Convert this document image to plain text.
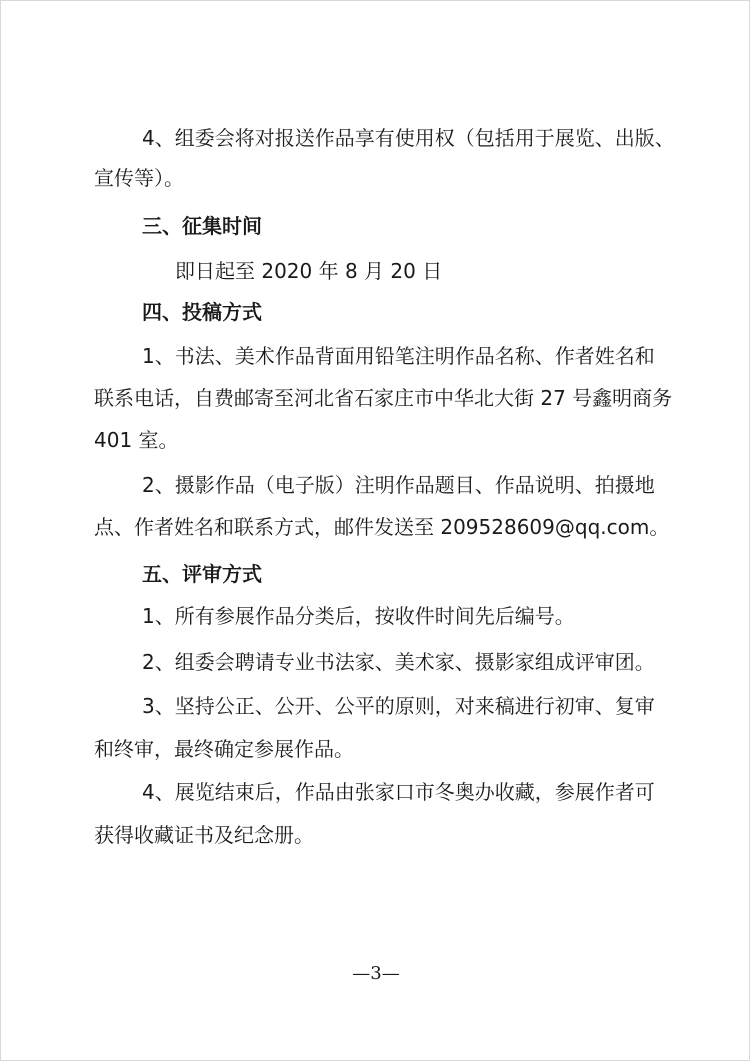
4、组委会将对报送作品享有使用权（包括用于展览、出版、
宣传等）。
三、征集时间
即日起至 2020 年 8 月 20 日
四、投稿方式
1、书法、美术作品背面用铅笔注明作品名称、作者姓名和
联系电话，自费邮寄至河北省石家庄市中华北大街 27 号鑫明商务
401 室。
2、摄影作品（电子版）注明作品题目、作品说明、拍摄地
点、作者姓名和联系方式，邮件发送至 209528609@qq.com。
五、评审方式
1、所有参展作品分类后，按收件时间先后编号。
2、组委会聘请专业书法家、美术家、摄影家组成评审团。
3、坚持公正、公开、公平的原则，对来稿进行初审、复审
和终审，最终确定参展作品。
4、展览结束后，作品由张家口市冬奥办收藏，参展作者可
获得收藏证书及纪念册。
—3—
